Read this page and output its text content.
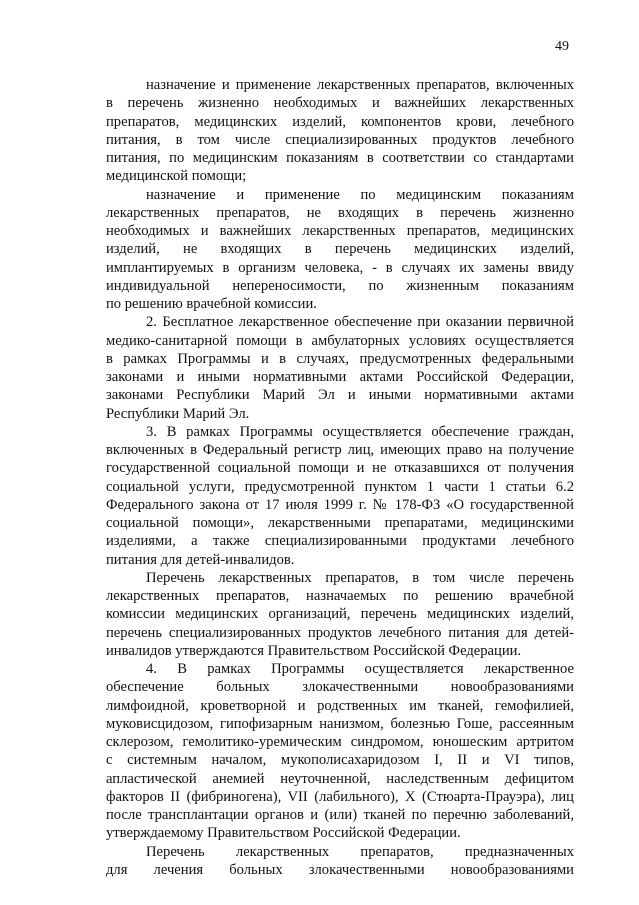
49
назначение и применение лекарственных препаратов, включенных
в перечень жизненно необходимых и важнейших лекарственных
препаратов, медицинских изделий, компонентов крови, лечебного
питания, в том числе специализированных продуктов лечебного
питания, по медицинским показаниям в соответствии со стандартами
медицинской помощи;
назначение и применение по медицинским показаниям
лекарственных препаратов, не входящих в перечень жизненно
необходимых и важнейших лекарственных препаратов, медицинских
изделий, не входящих в перечень медицинских изделий,
имплантируемых в организм человека, - в случаях их замены ввиду
индивидуальной непереносимости, по жизненным показаниям
по решению врачебной комиссии.
2. Бесплатное лекарственное обеспечение при оказании первичной
медико-санитарной помощи в амбулаторных условиях осуществляется
в рамках Программы и в случаях, предусмотренных федеральными
законами и иными нормативными актами Российской Федерации,
законами Республики Марий Эл и иными нормативными актами
Республики Марий Эл.
3. В рамках Программы осуществляется обеспечение граждан,
включенных в Федеральный регистр лиц, имеющих право на получение
государственной социальной помощи и не отказавшихся от получения
социальной услуги, предусмотренной пунктом 1 части 1 статьи 6.2
Федерального закона от 17 июля 1999 г. № 178-ФЗ «О государственной
социальной помощи», лекарственными препаратами, медицинскими
изделиями, а также специализированными продуктами лечебного
питания для детей-инвалидов.
Перечень лекарственных препаратов, в том числе перечень
лекарственных препаратов, назначаемых по решению врачебной
комиссии медицинских организаций, перечень медицинских изделий,
перечень специализированных продуктов лечебного питания для детей-
инвалидов утверждаются Правительством Российской Федерации.
4. В рамках Программы осуществляется лекарственное
обеспечение больных злокачественными новообразованиями
лимфоидной, кроветворной и родственных им тканей, гемофилией,
муковисцидозом, гипофизарным нанизмом, болезнью Гоше, рассеянным
склерозом, гемолитико-уремическим синдромом, юношеским артритом
с системным началом, мукополисахаридозом I, II и VI типов,
апластической анемией неуточненной, наследственным дефицитом
факторов II (фибриногена), VII (лабильного), X (Стюарта-Прауэра), лиц
после трансплантации органов и (или) тканей по перечню заболеваний,
утверждаемому Правительством Российской Федерации.
Перечень лекарственных препаратов, предназначенных
для лечения больных злокачественными новообразованиями
